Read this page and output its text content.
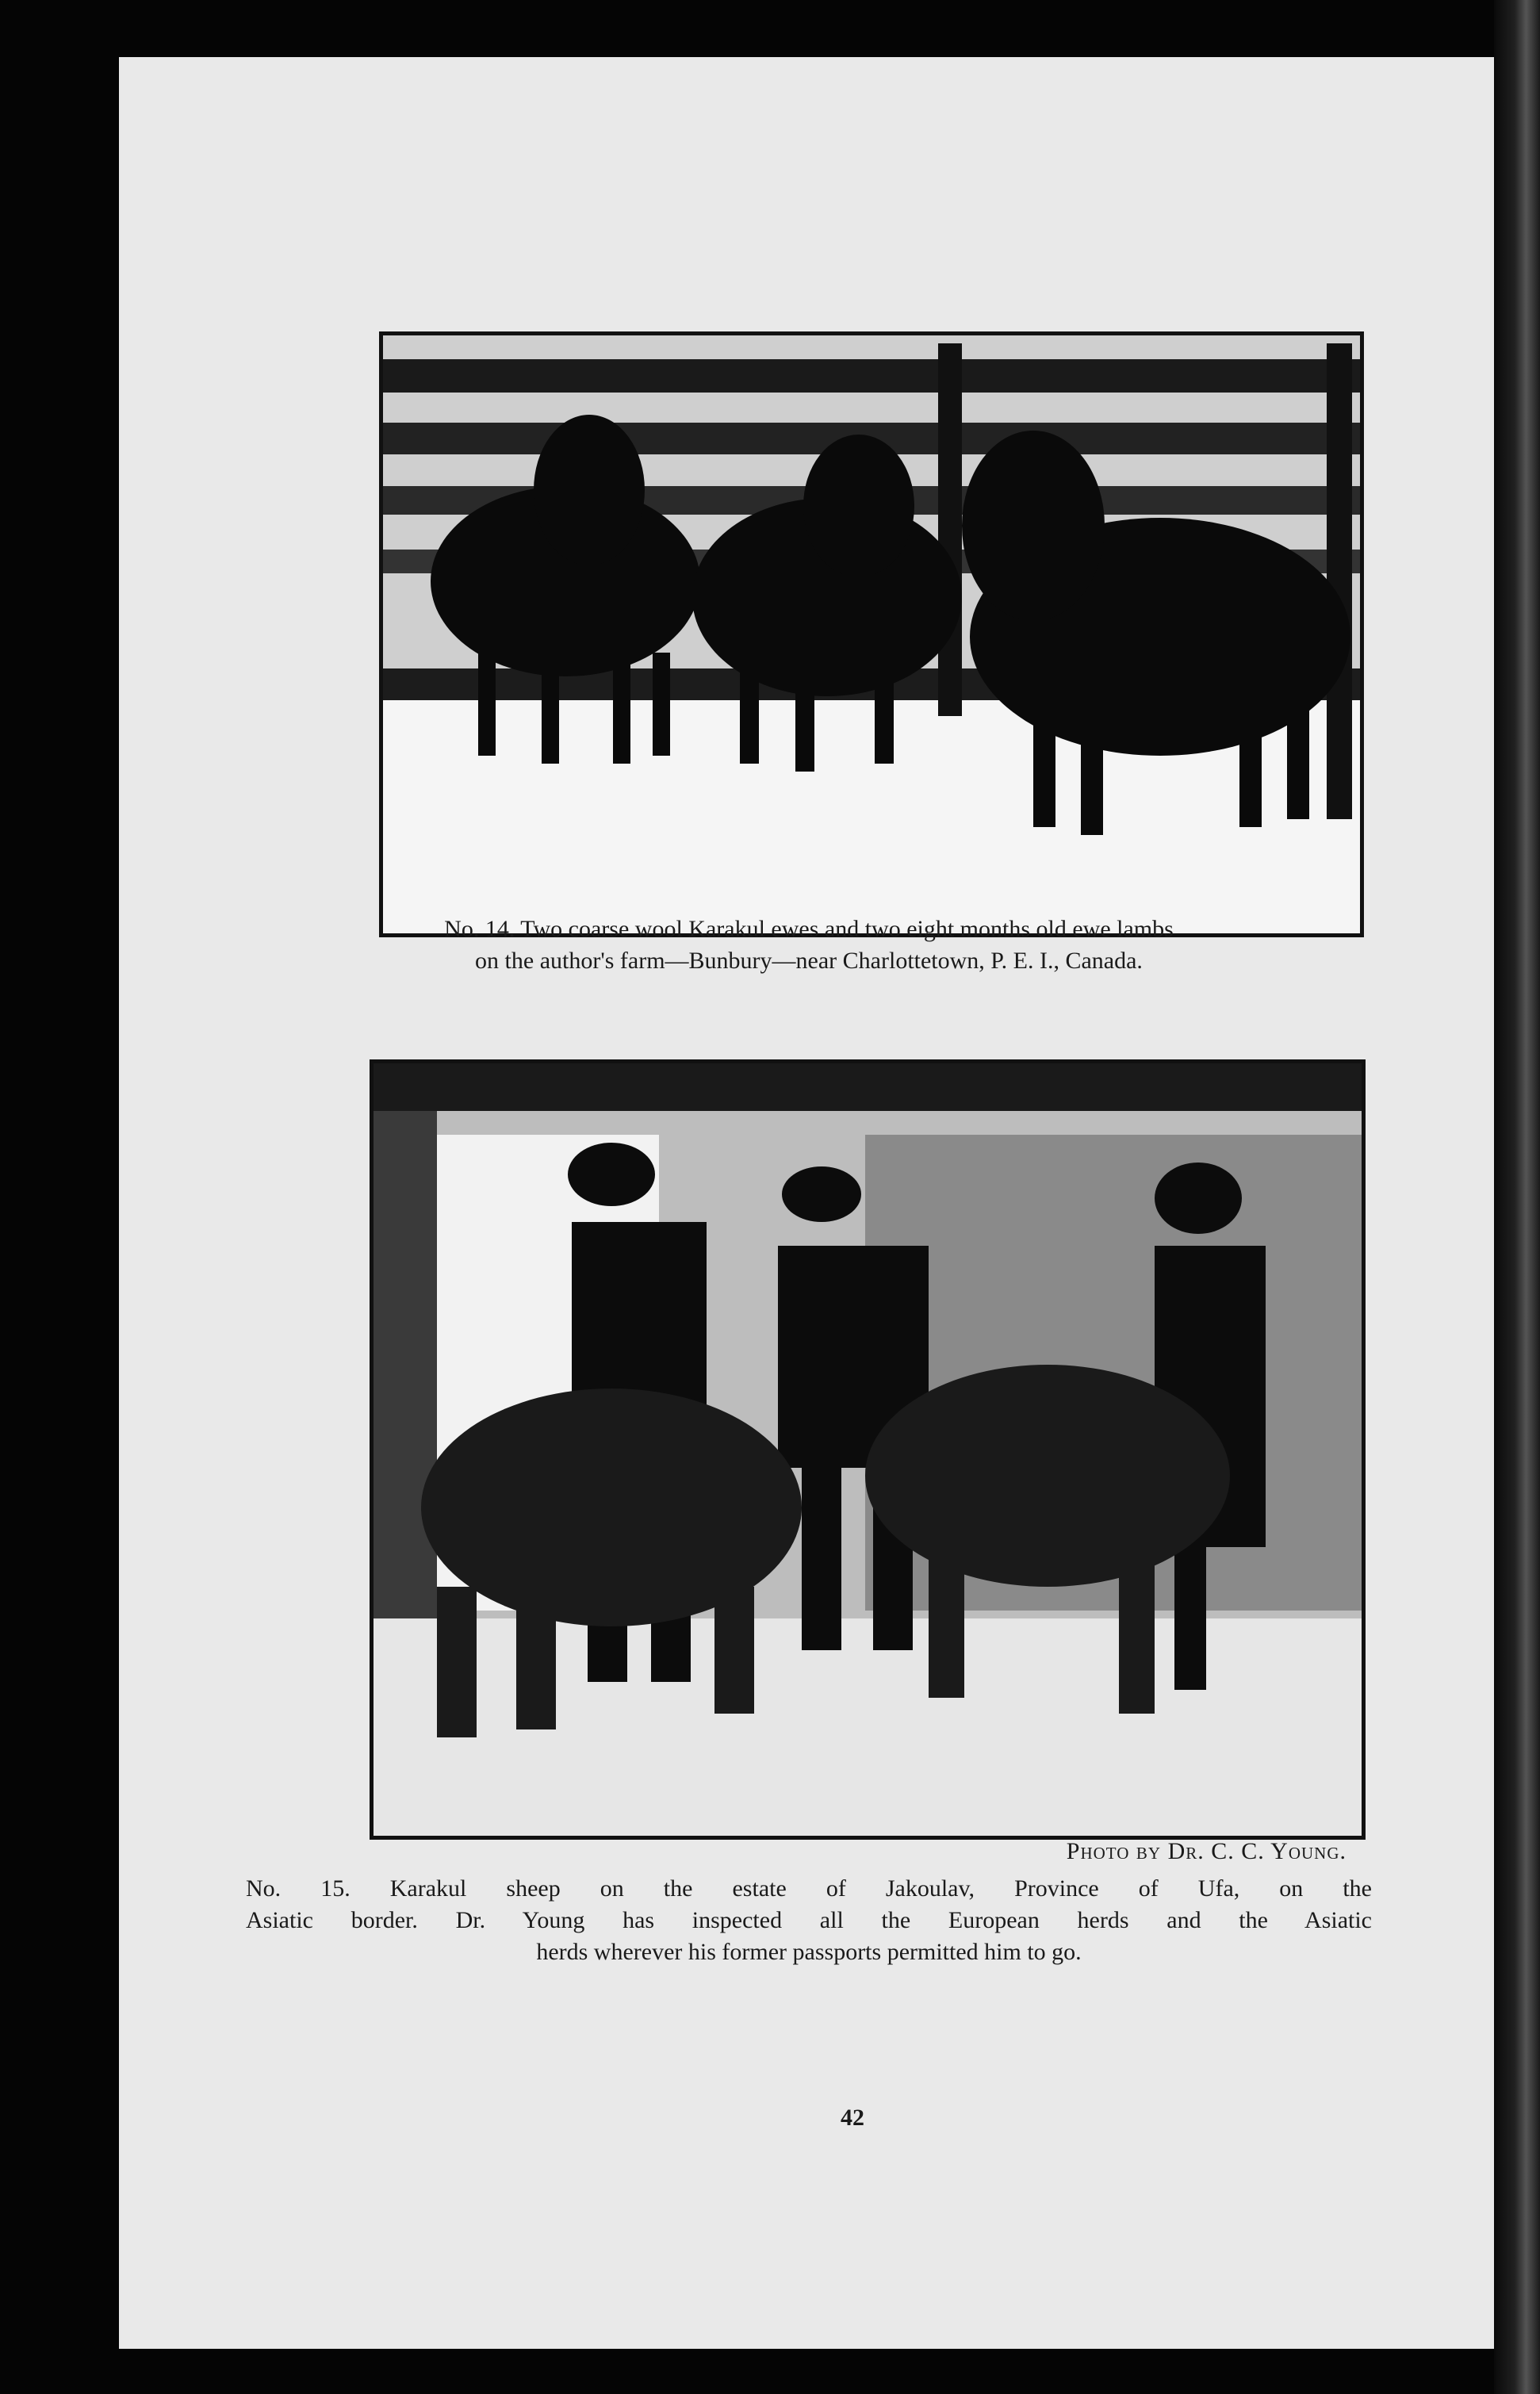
No. 14. Two coarse wool Karakul ewes and two eight months old ewe lambs

on the author's farm—Bunbury—near Charlottetown, P. E. I., Canada.

Photo by Dr. C. C. Young.

No. 15. Karakul sheep on the estate of Jakoulav, Province of Ufa, on the

Asiatic border. Dr. Young has inspected all the European herds and the Asiatic

herds wherever his former passports permitted him to go.

42
